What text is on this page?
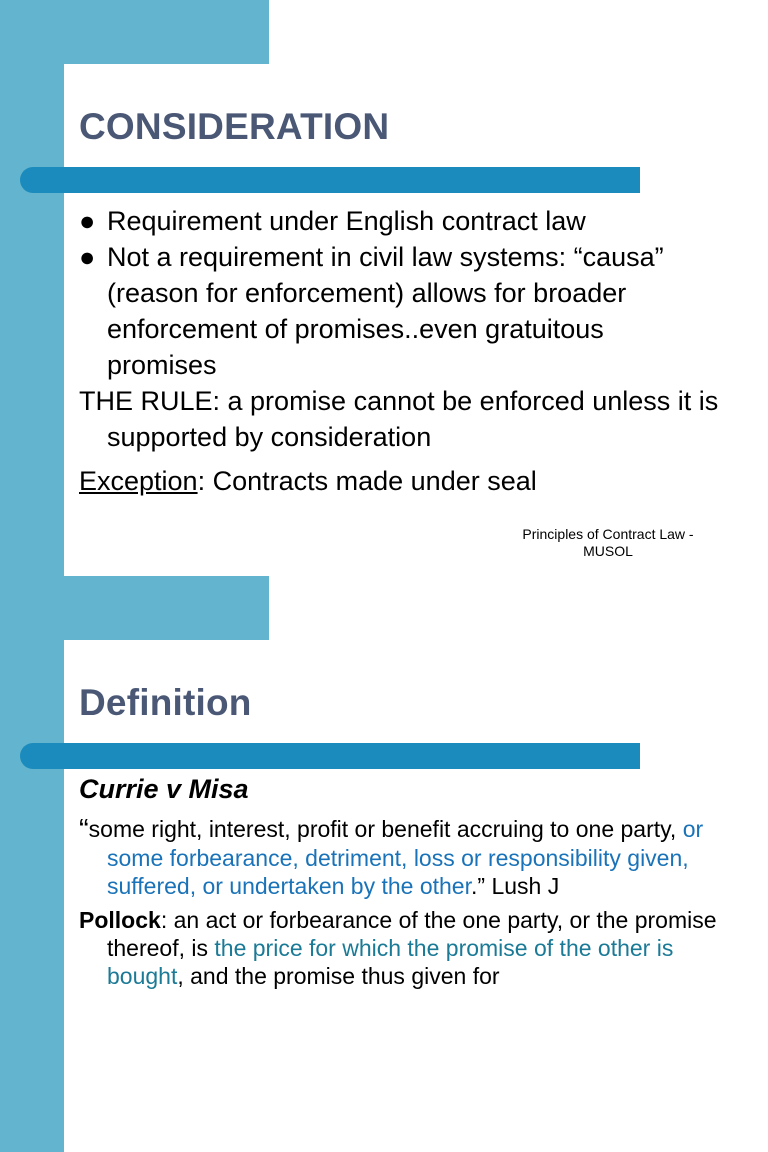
CONSIDERATION
● Requirement under English contract law
● Not a requirement in civil law systems: “causa” (reason for enforcement) allows for broader enforcement of promises..even gratuitous promises
THE RULE: a promise cannot be enforced unless it is supported by consideration
Exception: Contracts made under seal
Principles of Contract Law -
MUSOL
Definition
Currie v Misa
“some right, interest, profit or benefit accruing to one party, or some forbearance, detriment, loss or responsibility given, suffered, or undertaken by the other.” Lush J
Pollock: an act or forbearance of the one party, or the promise thereof, is the price for which the promise of the other is bought, and the promise thus given for
